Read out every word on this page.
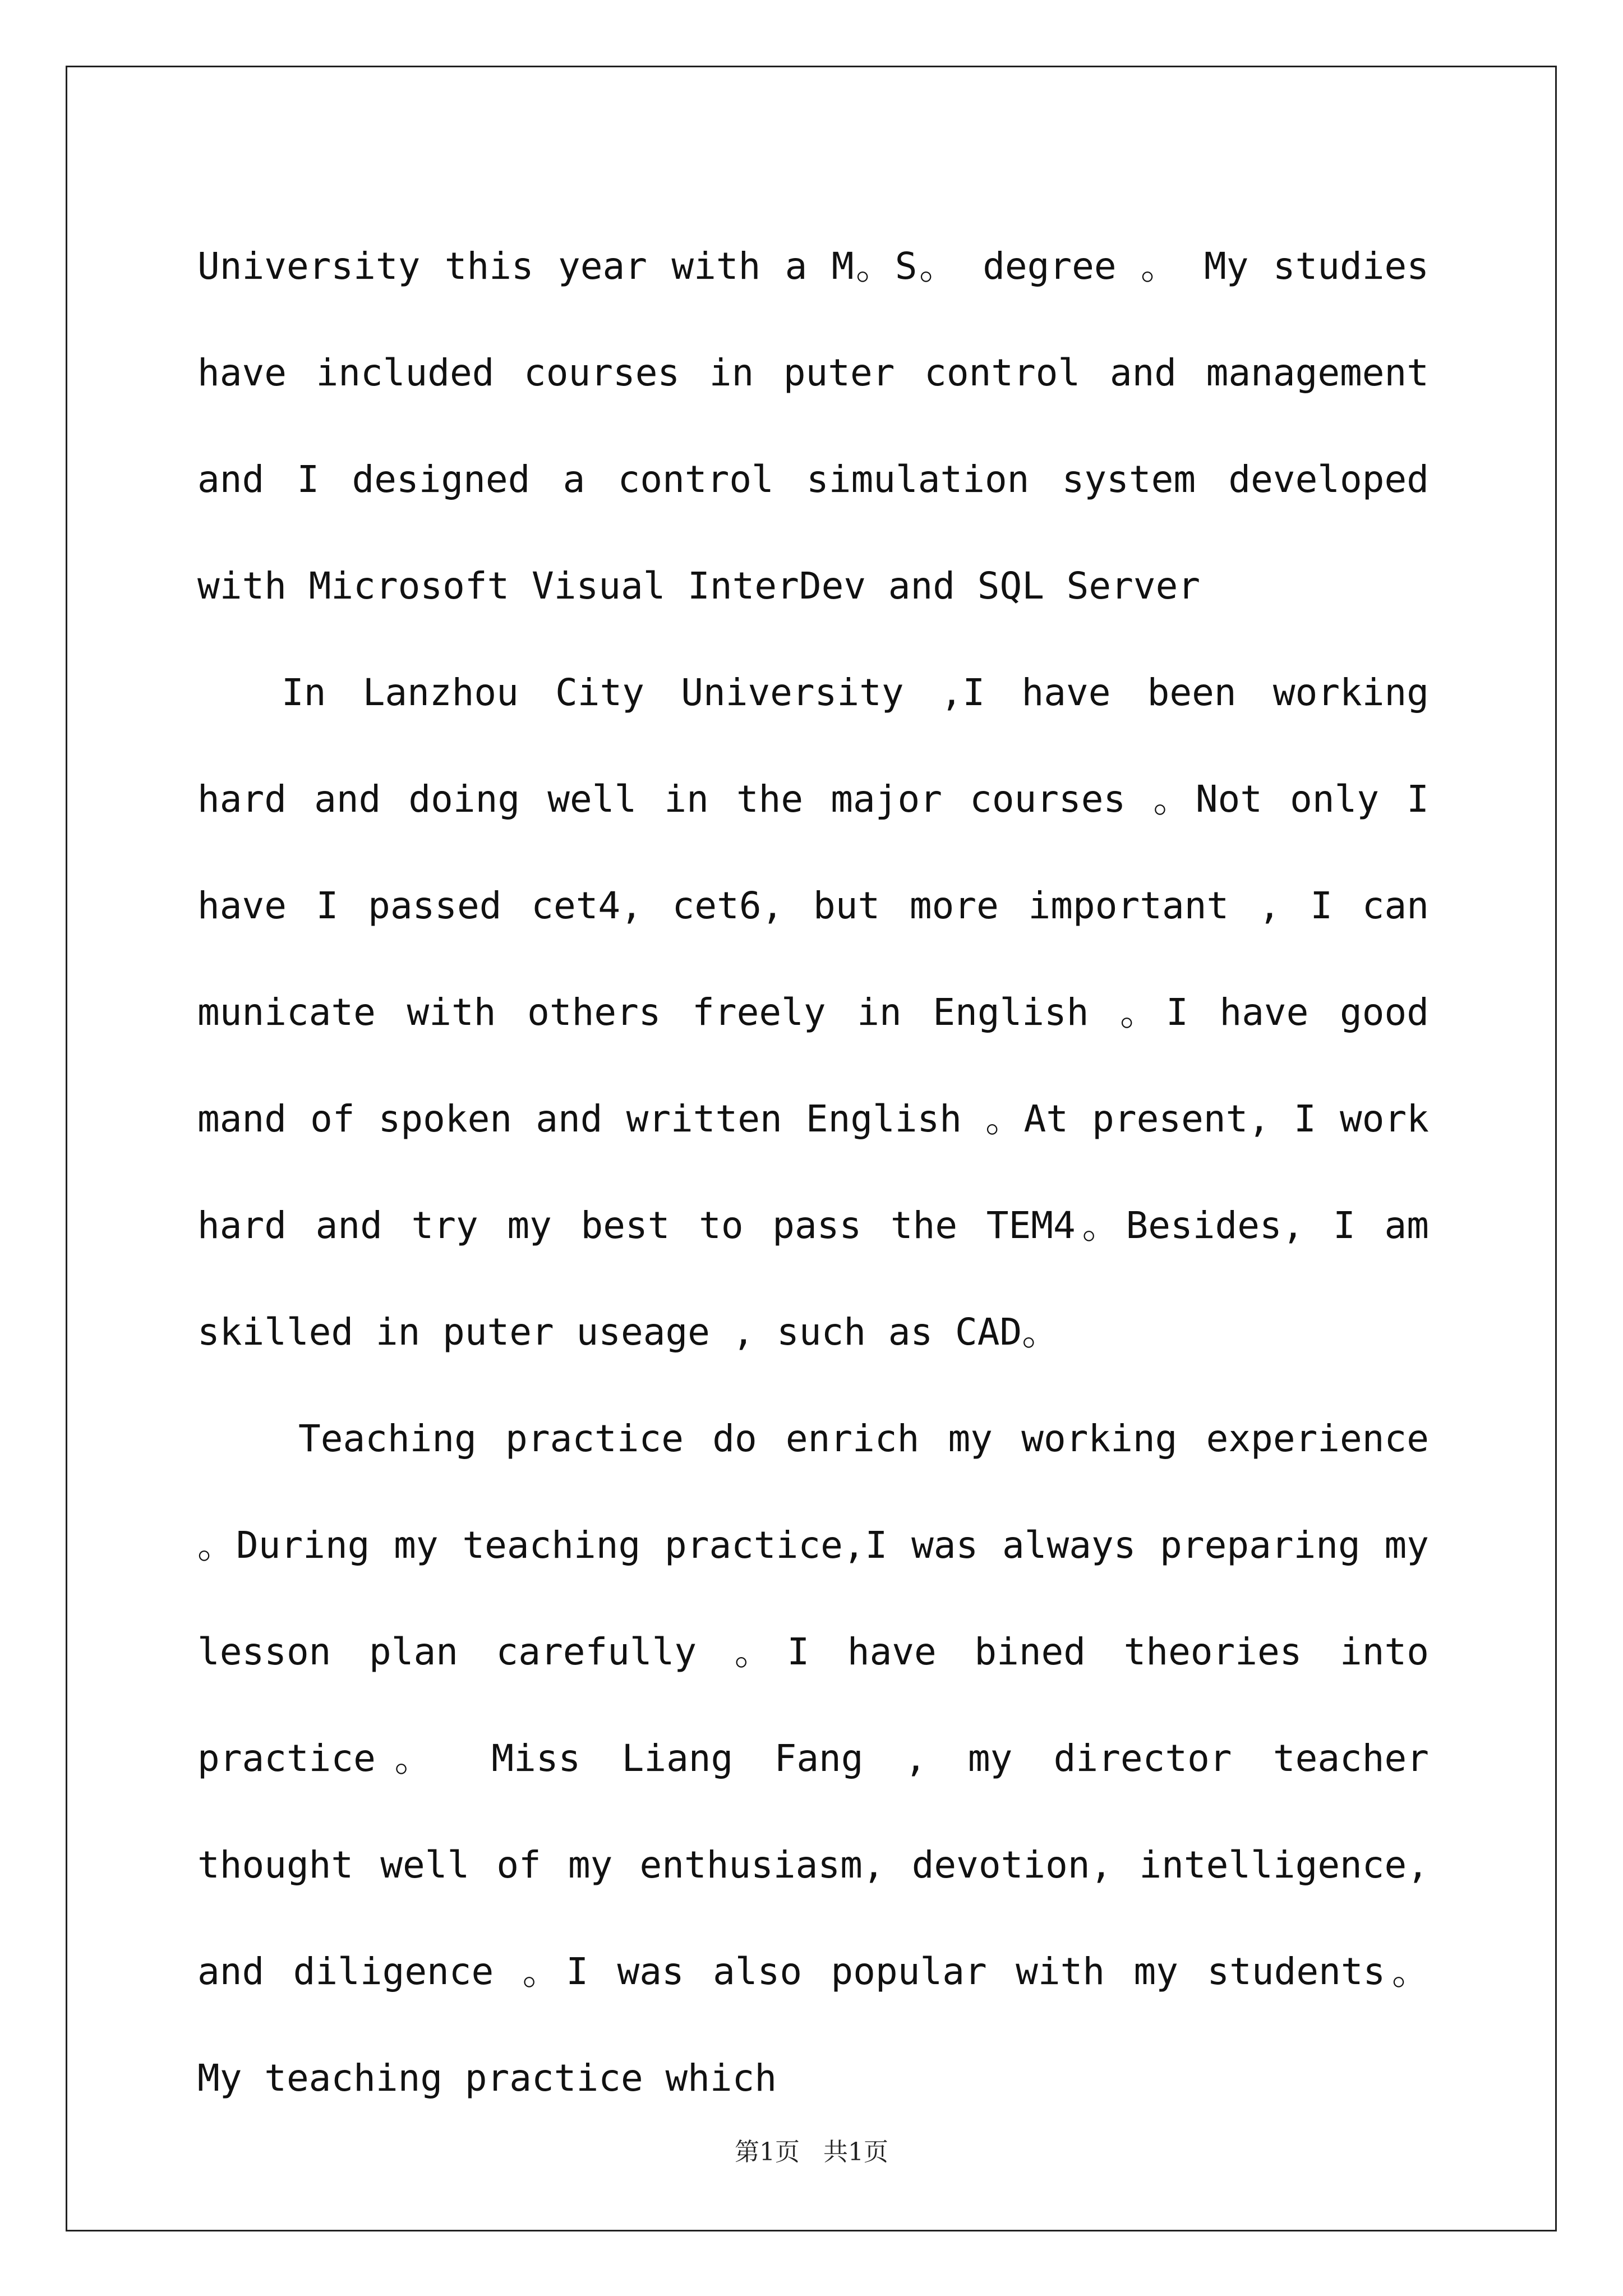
University this year with a M。S。 degree 。 My studies have included courses in puter control and management and I designed a control simulation system developed with Microsoft Visual InterDev and SQL Server

In Lanzhou City University ,I have been working hard and doing well in the major courses 。Not only I have I passed cet4, cet6, but more important , I can municate with others freely in English 。I have good mand of spoken and written English 。At present, I work hard and try my best to pass the TEM4。Besides, I am skilled in puter useage , such as CAD。

Teaching practice do enrich my working experience 。During my teaching practice,I was always preparing my lesson plan carefully 。I have bined theories into practice。 Miss Liang Fang , my director teacher thought well of my enthusiasm, devotion, intelligence, and diligence 。I was also popular with my students。 My teaching practice which

第1页   共1页
